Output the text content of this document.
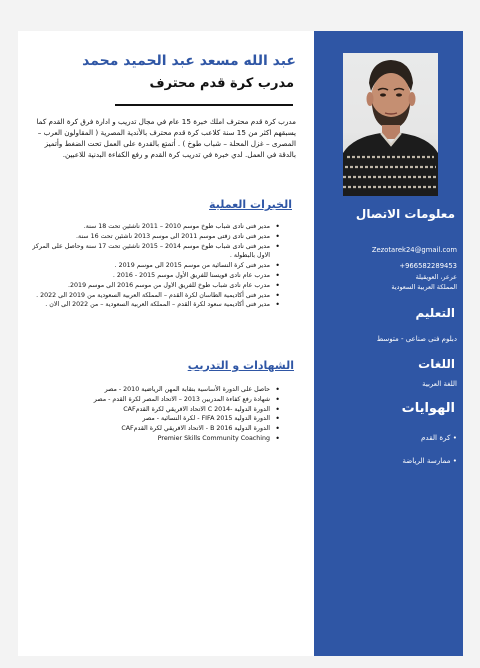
عبد الله مسعد عبد الحميد محمد
مدرب كرة قدم محترف
مدرب كرة قدم محترف املك خبرة 15 عام في مجال تدريب و ادارة فرق كرة القدم كما يسبقهم اكثر من 15 سنة كلاعب كرة قدم محترف بالأندية المصرية ( المقاولون العرب – المصرى – غزل المحلة – شباب طوخ ) . أتمتع بالقدرة على العمل تحت الضغط وأتميز بالدقة في العمل. لدي خبرة في تدريب كرة القدم و رفع الكفاءة البدنية للاعبين.
الخبرات العملية
• مدير فنى نادى شباب طوخ موسم 2010 – 2011 ناشئين تحت 18 سنة.
• مدير فنى نادى زفتى موسم 2011 الى موسم 2013 ناشئين تحت 16 سنة.
• مدير فنى نادى شباب طوخ موسم 2014 – 2015 ناشئين تحت 17 سنة وحاصل على المركز الاول بالبطولة .
• مدير فنى كرة النسائية من موسم 2015 الى موسم 2019 .
• مدرب عام نادى قويسنا للفريق الأول موسم 2015 - 2016 .
• مدرب عام نادى شباب طوخ للفريق الاول من موسم 2016 الى موسم 2019.
• مدير فنى أكاديمية الطاسان لكرة القدم – المملكة العربية السعودية من 2019 الى 2022 .
• مدير فنى أكاديمية سعود لكرة القدم – المملكة العربية السعودية – من 2022 الى الان .
الشهادات و التدريب
• حاصل على الدورة الأساسية بنقابة المهن الرياضية 2010 - مصر
• شهادة رفع كفاءة المدربين 2013 – الاتحاد المصر لكرة القدم - مصر
• الدورة الدولية -C 2014 الاتحاد الافريقي لكرة القدمCAF
• الدورة الدولية FIFA 2015 - لكرة النسائية - مصر
• الدورة الدولية B 2016 - الاتحاد الافريقي لكرة القدمCAF
• Premier Skills Community Coaching
معلومات الاتصال
Zezotarek24@gmail.com
+966582289453
عرعر، العويقيلة
المملكة العربية السعودية
التعليم
دبلوم فنى صناعى - متوسط
اللغات
اللغة العربية
الهوايات
• كرة القدم
• ممارسة الرياضة
